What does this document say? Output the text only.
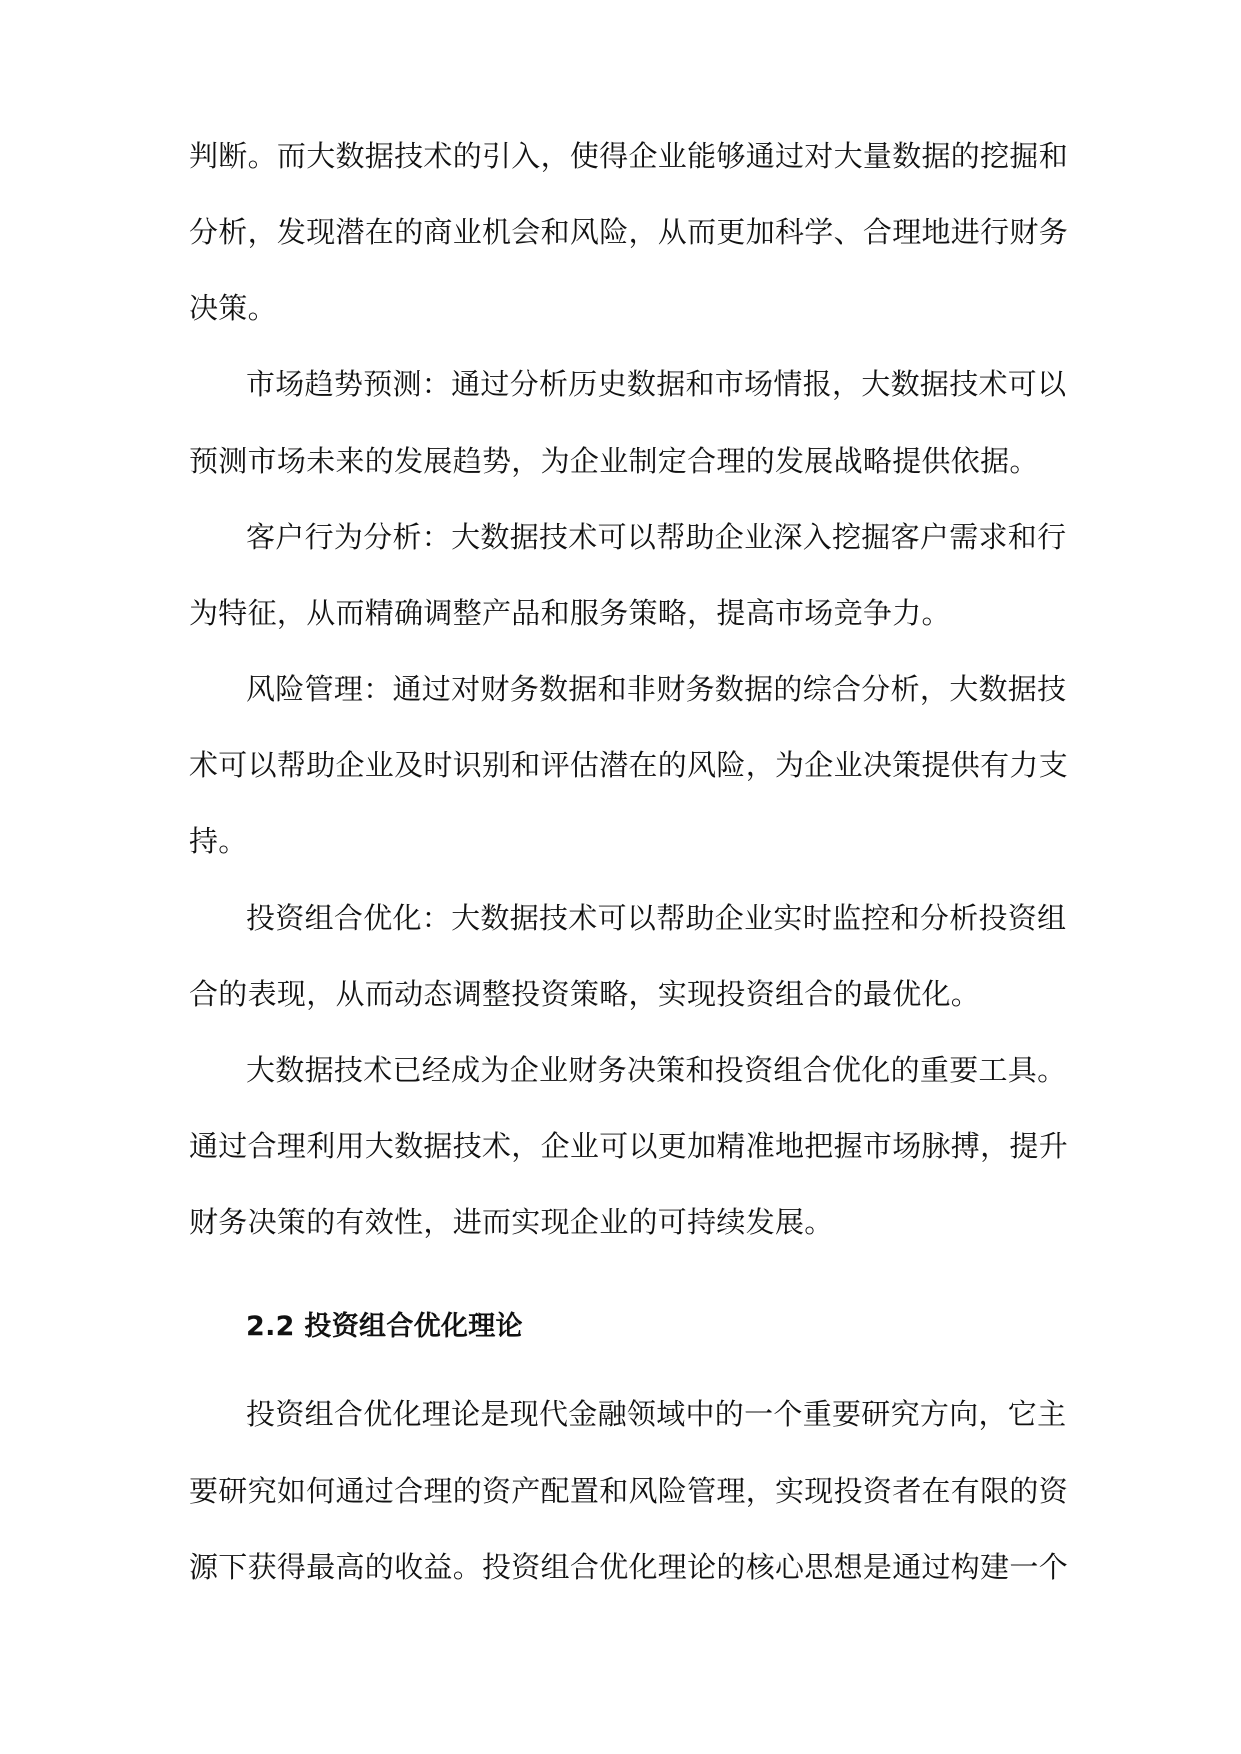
判断。而大数据技术的引入，使得企业能够通过对大量数据的挖掘和
分析，发现潜在的商业机会和风险，从而更加科学、合理地进行财务
决策。
市场趋势预测：通过分析历史数据和市场情报，大数据技术可以
预测市场未来的发展趋势，为企业制定合理的发展战略提供依据。
客户行为分析：大数据技术可以帮助企业深入挖掘客户需求和行
为特征，从而精确调整产品和服务策略，提高市场竞争力。
风险管理：通过对财务数据和非财务数据的综合分析，大数据技
术可以帮助企业及时识别和评估潜在的风险，为企业决策提供有力支
持。
投资组合优化：大数据技术可以帮助企业实时监控和分析投资组
合的表现，从而动态调整投资策略，实现投资组合的最优化。
大数据技术已经成为企业财务决策和投资组合优化的重要工具。
通过合理利用大数据技术，企业可以更加精准地把握市场脉搏，提升
财务决策的有效性，进而实现企业的可持续发展。
2.2 投资组合优化理论
投资组合优化理论是现代金融领域中的一个重要研究方向，它主
要研究如何通过合理的资产配置和风险管理，实现投资者在有限的资
源下获得最高的收益。投资组合优化理论的核心思想是通过构建一个
